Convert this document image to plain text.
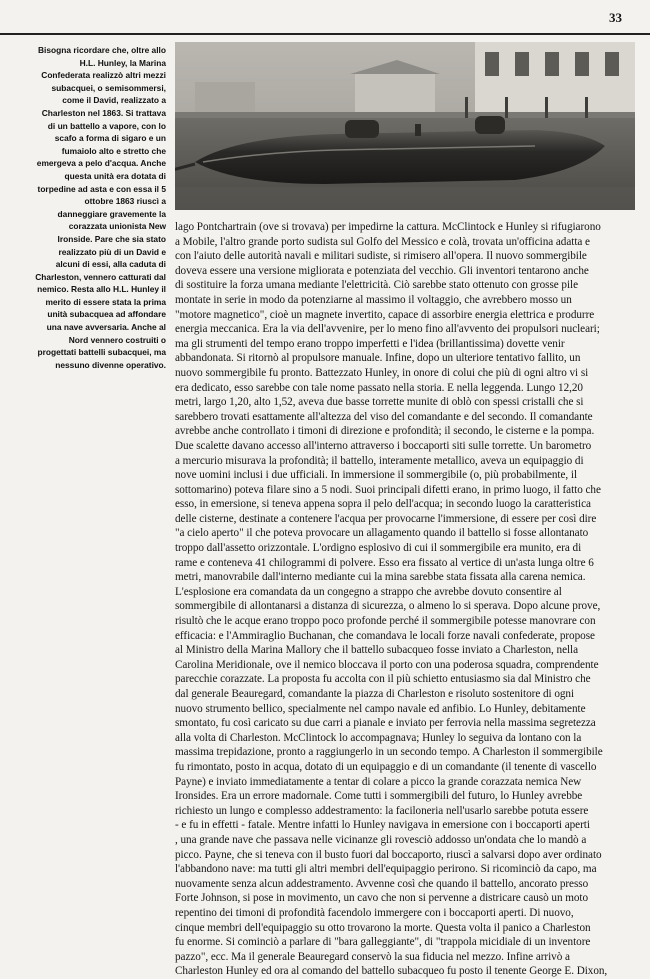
33
Bisogna ricordare che, oltre allo
H.L. Hunley, la Marina
Confederata realizzò altri mezzi
subacquei, o semisommersi,
come il David, realizzato a
Charleston nel 1863. Si trattava
di un battello a vapore, con lo
scafo a forma di sigaro e un
fumaiolo alto e stretto che
emergeva a pelo d'acqua. Anche
questa unità era dotata di
torpedine ad asta e con essa il 5
ottobre 1863 riuscì a
danneggiare gravemente la
corazzata unionista New
Ironside. Pare che sia stato
realizzato più di un David e
alcuni di essi, alla caduta di
Charleston, vennero catturati dal
nemico. Resta allo H.L. Hunley il
merito di essere stata la prima
unità subacquea ad affondare
una nave avversaria. Anche al
Nord vennero costruiti o
progettati battelli subacquei, ma
nessuno divenne operativo.
lago Pontchartrain (ove si trovava) per impedirne la cattura. McClintock e Hunley si rifugiarono
a Mobile, l'altro grande porto sudista sul Golfo del Messico e colà, trovata un'officina adatta e
con l'aiuto delle autorità navali e militari sudiste, si rimisero all'opera. Il nuovo sommergibile
doveva essere una versione migliorata e potenziata del vecchio. Gli inventori tentarono anche
di sostituire la forza umana mediante l'elettricità. Ciò sarebbe stato ottenuto con grosse pile
montate in serie in modo da potenziarne al massimo il voltaggio, che avrebbero mosso un
"motore magnetico", cioè un magnete invertito, capace di assorbire energia elettrica e produrre
energia meccanica. Era la via dell'avvenire, per lo meno fino all'avvento dei propulsori nucleari;
ma gli strumenti del tempo erano troppo imperfetti e l'idea (brillantissima) dovette venir
abbandonata. Si ritornò al propulsore manuale. Infine, dopo un ulteriore tentativo fallito, un
nuovo sommergibile fu pronto. Battezzato Hunley, in onore di colui che più di ogni altro vi si
era dedicato, esso sarebbe con tale nome passato nella storia. E nella leggenda. Lungo 12,20
metri, largo 1,20, alto 1,52, aveva due basse torrette munite di oblò con spessi cristalli che si
sarebbero trovati esattamente all'altezza del viso del comandante e del secondo. Il comandante
avrebbe anche controllato i timoni di direzione e profondità; il secondo, le cisterne e la pompa.
Due scalette davano accesso all'interno attraverso i boccaporti siti sulle torrette. Un barometro
a mercurio misurava la profondità; il battello, interamente metallico, aveva un equipaggio di
nove uomini inclusi i due ufficiali. In immersione il sommergibile (o, più probabilmente, il
sottomarino) poteva filare sino a 5 nodi. Suoi principali difetti erano, in primo luogo, il fatto che
esso, in emersione, si teneva appena sopra il pelo dell'acqua; in secondo luogo la caratteristica
delle cisterne, destinate a contenere l'acqua per provocarne l'immersione, di essere per così dire
"a cielo aperto" il che poteva provocare un allagamento quando il battello si fosse allontanato
troppo dall'assetto orizzontale. L'ordigno esplosivo di cui il sommergibile era munito, era di
rame e conteneva 41 chilogrammi di polvere. Esso era fissato al vertice di un'asta lunga oltre 6
metri, manovrabile dall'interno mediante cui la mina sarebbe stata fissata alla carena nemica.
L'esplosione era comandata da un congegno a strappo che avrebbe dovuto consentire al
sommergibile di allontanarsi a distanza di sicurezza, o almeno lo si sperava. Dopo alcune prove,
risultò che le acque erano troppo poco profonde perché il sommergibile potesse manovrare con
efficacia: e l'Ammiraglio Buchanan, che comandava le locali forze navali confederate, propose
al Ministro della Marina Mallory che il battello subacqueo fosse inviato a Charleston, nella
Carolina Meridionale, ove il nemico bloccava il porto con una poderosa squadra, comprendente
parecchie corazzate. La proposta fu accolta con il più schietto entusiasmo sia dal Ministro che
dal generale Beauregard, comandante la piazza di Charleston e risoluto sostenitore di ogni
nuovo strumento bellico, specialmente nel campo navale ed anfibio. Lo Hunley, debitamente
smontato, fu così caricato su due carri a pianale e inviato per ferrovia nella massima segretezza
alla volta di Charleston. McClintock lo accompagnava; Hunley lo seguiva da lontano con la
massima trepidazione, pronto a raggiungerlo in un secondo tempo. A Charleston il sommergibile
fu rimontato, posto in acqua, dotato di un equipaggio e di un comandante (il tenente di vascello
Payne) e inviato immediatamente a tentar di colare a picco la grande corazzata nemica New
Ironsides. Era un errore madornale. Come tutti i sommergibili del futuro, lo Hunley avrebbe
richiesto un lungo e complesso addestramento: la faciloneria nell'usarlo sarebbe potuta essere
- e fu in effetti - fatale. Mentre infatti lo Hunley navigava in emersione con i boccaporti aperti
, una grande nave che passava nelle vicinanze gli rovesciò addosso un'ondata che lo mandò a
picco. Payne, che si teneva con il busto fuori dal boccaporto, riuscì a salvarsi dopo aver ordinato
l'abbandono nave: ma tutti gli altri membri dell'equipaggio perirono. Si ricominciò da capo, ma
nuovamente senza alcun addestramento. Avvenne così che quando il battello, ancorato presso
Forte Johnson, si pose in movimento, un cavo che non si pervenne a districare causò un moto
repentino dei timoni di profondità facendolo immergere con i boccaporti aperti. Di nuovo,
cinque membri dell'equipaggio su otto trovarono la morte. Questa volta il panico a Charleston
fu enorme. Si cominciò a parlare di "bara galleggiante", di "trappola micidiale di un inventore
pazzo", ecc. Ma il generale Beauregard conservò la sua fiducia nel mezzo. Infine arrivò a
Charleston Hunley ed ora al comando del battello subacqueo fu posto il tenente George E. Dixon,
